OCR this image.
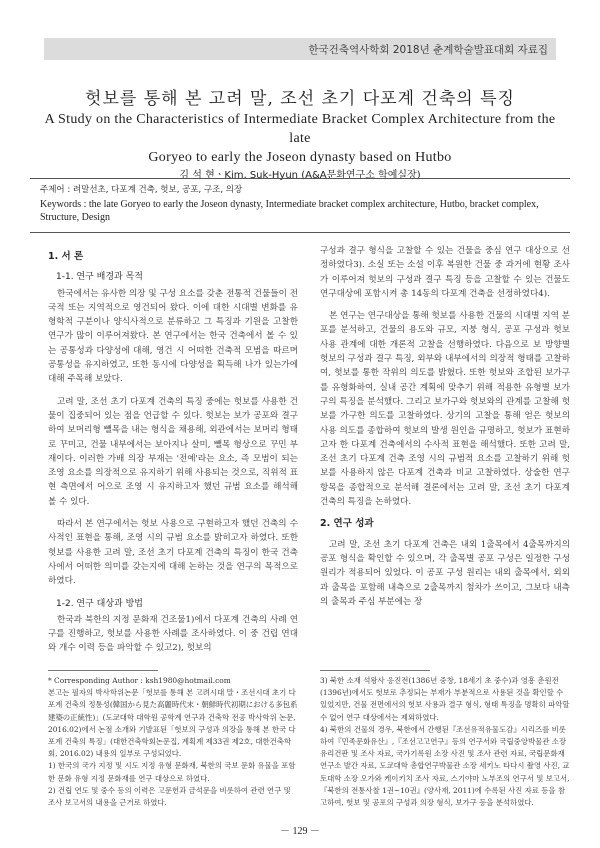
한국건축역사학회 2018년 춘계학술발표대회 자료집
헛보를 통해 본 고려 말, 조선 초기 다포계 건축의 특징
A Study on the Characteristics of Intermediate Bracket Complex Architecture from the late
Goryeo to early the Joseon dynasty based on Hutbo
김 석 현ㆍKim, Suk-Hyun (A&A문화연구소 학예실장)
주제어 : 려말선초, 다포계 건축, 헛보, 공포, 구조, 의장
Keywords : the late Goryeo to early the Joseon dynasty, Intermediate bracket complex architecture, Hutbo, bracket complex, Structure, Design
1. 서 론
1-1. 연구 배경과 목적

한국에서는 유사한 의장 및 구성 요소를 갖춘 전통적 건물들이 전국적 또는 지역적으로 영건되어 왔다. 이에 대한 시대별 변화를 유형학적 구분이나 양식사적으로 분류하고 그 특징과 기원을 고찰한 연구가 많이 이루어져왔다. 본 연구에서는 한국 건축에서 볼 수 있는 공통성과 다양성에 대해, 영건 시 어떠한 건축적 모범을 따르며 공통성을 유지하였고, 또한 동시에 다양성을 획득해 나가 있는가에 대해 주목해 보았다.

고려 말, 조선 초기 다포계 건축의 특징 중에는 헛보를 사용한 건물이 집중되어 있는 점을 언급할 수 있다. 헛보는 보가 공포와 결구하여 보머리형 뺄목을 내는 형식을 채용해, 외관에서는 보머리 형태로 꾸미고, 건물 내부에서는 보아지나 살미, 뺄목 형상으로 꾸민 부재이다. 이러한 가배 의장 부재는 '전예'라는 요소, 즉 모범이 되는 조영 요소를 의장적으로 유지하기 위해 사용되는 것으로, 직위적 표현 측면에서 어으로 조영 시 유지하고자 했던 규범 요소를 해석해 볼 수 있다.

따라서 본 연구에서는 헛보 사용으로 구현하고자 했던 건축의 수사적인 표현을 통해, 조영 시의 규범 요소를 밝히고자 하였다. 또한 헛보를 사용한 고려 말, 조선 초기 다포계 건축의 특징이 한국 건축사에서 어떠한 의미를 갖는지에 대해 논하는 것을 연구의 목적으로 하였다.

1-2. 연구 대상과 방법

한국과 북한의 지정 문화재 건조물1)에서 다포계 건축의 사례 연구를 진행하고, 헛보를 사용한 사례를 조사하였다. 이 중 건립 연대와 개수 이력 등을 파악할 수 있고2), 헛보의

구성과 결구 형식을 고찰할 수 있는 건물을 중심 연구 대상으로 선정하였다3). 소실 또는 소설 이후 복원한 건물 중 과거에 현황 조사가 이루어져 헛보의 구성과 결구 특징 등을 고찰할 수 있는 건물도 연구대상에 포함시켜 총 14동의 다포계 건축을 선정하였다4).

본 연구는 연구대상을 통해 헛보를 사용한 건물의 시대별 지역 분포를 분석하고, 건물의 용도와 규모, 지붕 형식, 공포 구성과 헛보 사용 관계에 대한 개론적 고찰을 선행하였다. 다음으로 보 방향별 헛보의 구성과 결구 특징, 외부와 내부에서의 의장적 형태를 고찰하여, 헛보를 통한 작위의 의도를 밝혔다. 또한 헛보와 조합된 보가구를 유형화하여, 실내 공간 계획에 맞추기 위해 적용한 유형별 보가구의 특징을 분석했다. 그리고 보가구와 헛보와의 관계를 고찰해 헛보를 가구한 의도를 고찰하였다. 상기의 고찰을 통해 얻은 헛보의 사용 의도를 종합하여 헛보의 발생 원인을 규명하고, 헛보가 표현하고자 한 다포계 건축에서의 수사적 표현을 해석했다. 또한 고려 말, 조선 초기 다포계 건축 조영 시의 규범적 요소를 고찰하기 위해 헛보를 사용하지 않은 다포계 건축과 비교 고찰하였다. 상술한 연구 항목을 종합적으로 분석해 결론에서는 고려 말, 조선 초기 다포계 건축의 특징을 논하였다.

2. 연구 성과

고려 말, 조선 초기 다포계 건축은 내외 1출목에서 4출목까지의 공포 형식을 확인할 수 있으며, 각 출목별 공포 구성은 일정한 구성 원리가 적용되어 있었다. 이 공포 구성 원리는 내외 출목에서, 외외과 출목을 포함해 내측으로 2출목까지 첨차가 쓰이고, 그보다 내측의 출목과 주심 부분에는 장

* Corresponding Author : ksh1980@hotmail.com
본고는 필자의 박사학위논문「헛보를 통해 본 고려시대 말・조선시대 초기 다포계 건축의 정통성(韓国から見た高麗時代末・朝鮮時代初期における多包系建築の正統性)」(도쿄대학 대학원 공학계 연구과 건축학 전공 박사학위 논문, 2016.02)에서 논점 소개와 기발표된「헛보의 구성과 의장을 통해 본 한국 다포계 건축의 특징」(대한건축학회논문집, 계획계 제33권 제2호, 대한건축학회, 2016.02) 내용의 일부로 구성되었다.
1) 한국의 국가 지정 및 시도 지정 유형 문화재, 북한의 국보 문화 유물을 포함한 문화 유형 지정 문화재를 연구 대상으로 하였다.
2) 건립 연도 및 중수 등의 이력은 고문헌과 금석문을 비롯하여 관련 연구 및 조사 보고서의 내용을 근거로 하였다.
3) 북한 소재 석왕사 응진전(1386년 중창, 18세기 초 중수)과 영흥 춘원전(1396년)에서도 헛보로 추정되는 부재가 부분적으로 사용된 것을 확인할 수 있었지만, 건물 전면에서의 헛보 사용과 결구 형식, 형태 특징을 명확히 파악할 수 없어 연구 대상에서는 제외하였다.
4) 북한의 건물의 경우, 북한에서 간행된『조선유적유물도감』시리즈를 비롯하여『민족문화유산』,『조선고고연구』등의 연구서와 국립중앙박물관 소장 유리건판 및 조사 자료, 국가기록원 소장 사진 및 조사 관련 자료, 국립문화재연구소 발간 자료, 도쿄대학 총합연구박물관 소장 세키노 타다시 촬영 사진, 교토대학 소장 오가와 케이키치 조사 자료, 스기야마 노부조의 연구서 및 보고서, 『북한의 전통사찰 1권~10권』(양사재, 2011)에 수록된 사진 자료 등을 참고하여, 헛보 및 공포의 구성과 의장 형식, 보가구 등을 분석하였다.
－ 129 －
